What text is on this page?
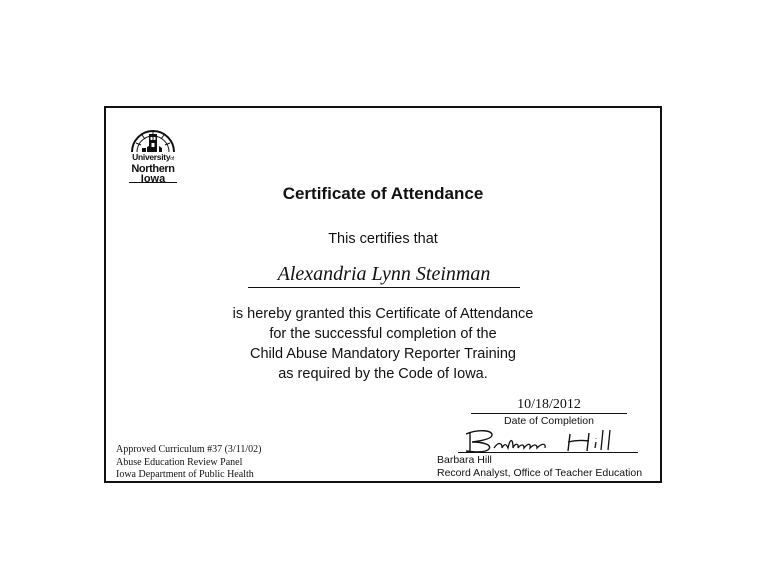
Universityof
Northern
Iowa
Certificate of Attendance
This certifies that
Alexandria Lynn Steinman
is hereby granted this Certificate of Attendance
for the successful completion of the
Child Abuse Mandatory Reporter Training
as required by the Code of Iowa.
10/18/2012
Date of Completion
Barbara Hill
Record Analyst, Office of Teacher Education
Approved Curriculum #37 (3/11/02)
Abuse Education Review Panel
Iowa Department of Public Health
